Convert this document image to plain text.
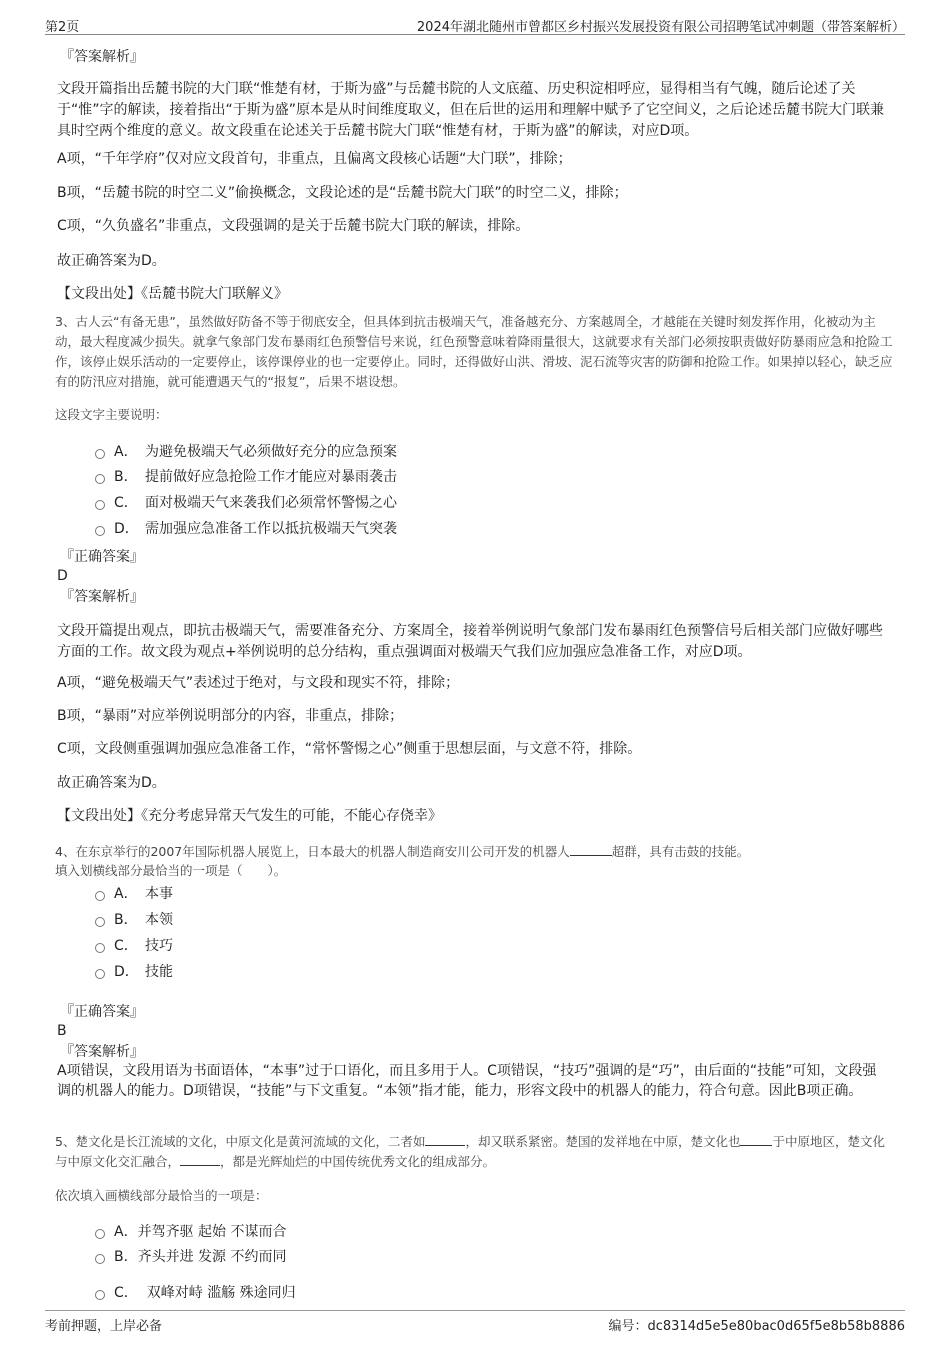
第2页	2024年湖北随州市曾都区乡村振兴发展投资有限公司招聘笔试冲刺题（带答案解析）
『答案解析』
文段开篇指出岳麓书院的大门联“惟楚有材，于斯为盛”与岳麓书院的人文底蕴、历史积淀相呼应，显得相当有气魄，随后论述了关于“惟”字的解读，接着指出“于斯为盛”原本是从时间维度取义，但在后世的运用和理解中赋予了它空间义，之后论述岳麓书院大门联兼具时空两个维度的意义。故文段重在论述关于岳麓书院大门联“惟楚有材，于斯为盛”的解读，对应D项。
A项，“千年学府”仅对应文段首句，非重点，且偏离文段核心话题“大门联”，排除；
B项，“岳麓书院的时空二义”偷换概念，文段论述的是“岳麓书院大门联”的时空二义，排除；
C项，“久负盛名”非重点，文段强调的是关于岳麓书院大门联的解读，排除。
故正确答案为D。
【文段出处】《岳麓书院大门联解义》
3、古人云“有备无患”，虽然做好防备不等于彻底安全，但具体到抗击极端天气，准备越充分、方案越周全，才越能在关键时刻发挥作用，化被动为主动，最大程度减少损失。就拿气象部门发布暴雨红色预警信号来说，红色预警意味着降雨量很大，这就要求有关部门必须按职责做好防暴雨应急和抢险工作，该停止娱乐活动的一定要停止，该停课停业的也一定要停止。同时，还得做好山洪、滑坡、泥石流等灾害的防御和抢险工作。如果掉以轻心，缺乏应有的防汛应对措施，就可能遭遇天气的“报复”，后果不堪设想。
这段文字主要说明：
A． 为避免极端天气必须做好充分的应急预案
B． 提前做好应急抢险工作才能应对暴雨袭击
C． 面对极端天气来袭我们必须常怀警惕之心
D． 需加强应急准备工作以抵抗极端天气突袭
『正确答案』
D
『答案解析』
文段开篇提出观点，即抗击极端天气，需要准备充分、方案周全，接着举例说明气象部门发布暴雨红色预警信号后相关部门应做好哪些方面的工作。故文段为观点+举例说明的总分结构，重点强调面对极端天气我们应加强应急准备工作，对应D项。
A项，“避免极端天气”表述过于绝对，与文段和现实不符，排除；
B项，“暴雨”对应举例说明部分的内容，非重点，排除；
C项，文段侧重强调加强应急准备工作，“常怀警惕之心”侧重于思想层面，与文意不符，排除。
故正确答案为D。
【文段出处】《充分考虑异常天气发生的可能，不能心存侥幸》
4、在东京举行的2007年国际机器人展览上，日本最大的机器人制造商安川公司开发的机器人	超群，具有击鼓的技能。
填入划横线部分最恰当的一项是（　　）。
A． 本事
B． 本领
C． 技巧
D． 技能
『正确答案』
B
『答案解析』
A项错误，文段用语为书面语体，“本事”过于口语化，而且多用于人。C项错误，“技巧”强调的是“巧”，由后面的“技能”可知，文段强调的机器人的能力。D项错误，“技能”与下文重复。“本领”指才能，能力，形容文段中的机器人的能力，符合句意。因此B项正确。
5、楚文化是长江流域的文化，中原文化是黄河流域的文化，二者如	，却又联系紧密。楚国的发祥地在中原，楚文化也	于中原地区，楚文化与中原文化交汇融合，	，都是光辉灿烂的中国传统优秀文化的组成部分。
依次填入画横线部分最恰当的一项是：
A．并驾齐驱 起始 不谋而合
B．齐头并进 发源 不约而同
C． 双峰对峙 滥觞 殊途同归
考前押题，上岸必备	编号：dc8314d5e5e80bac0d65f5e8b58b8886
